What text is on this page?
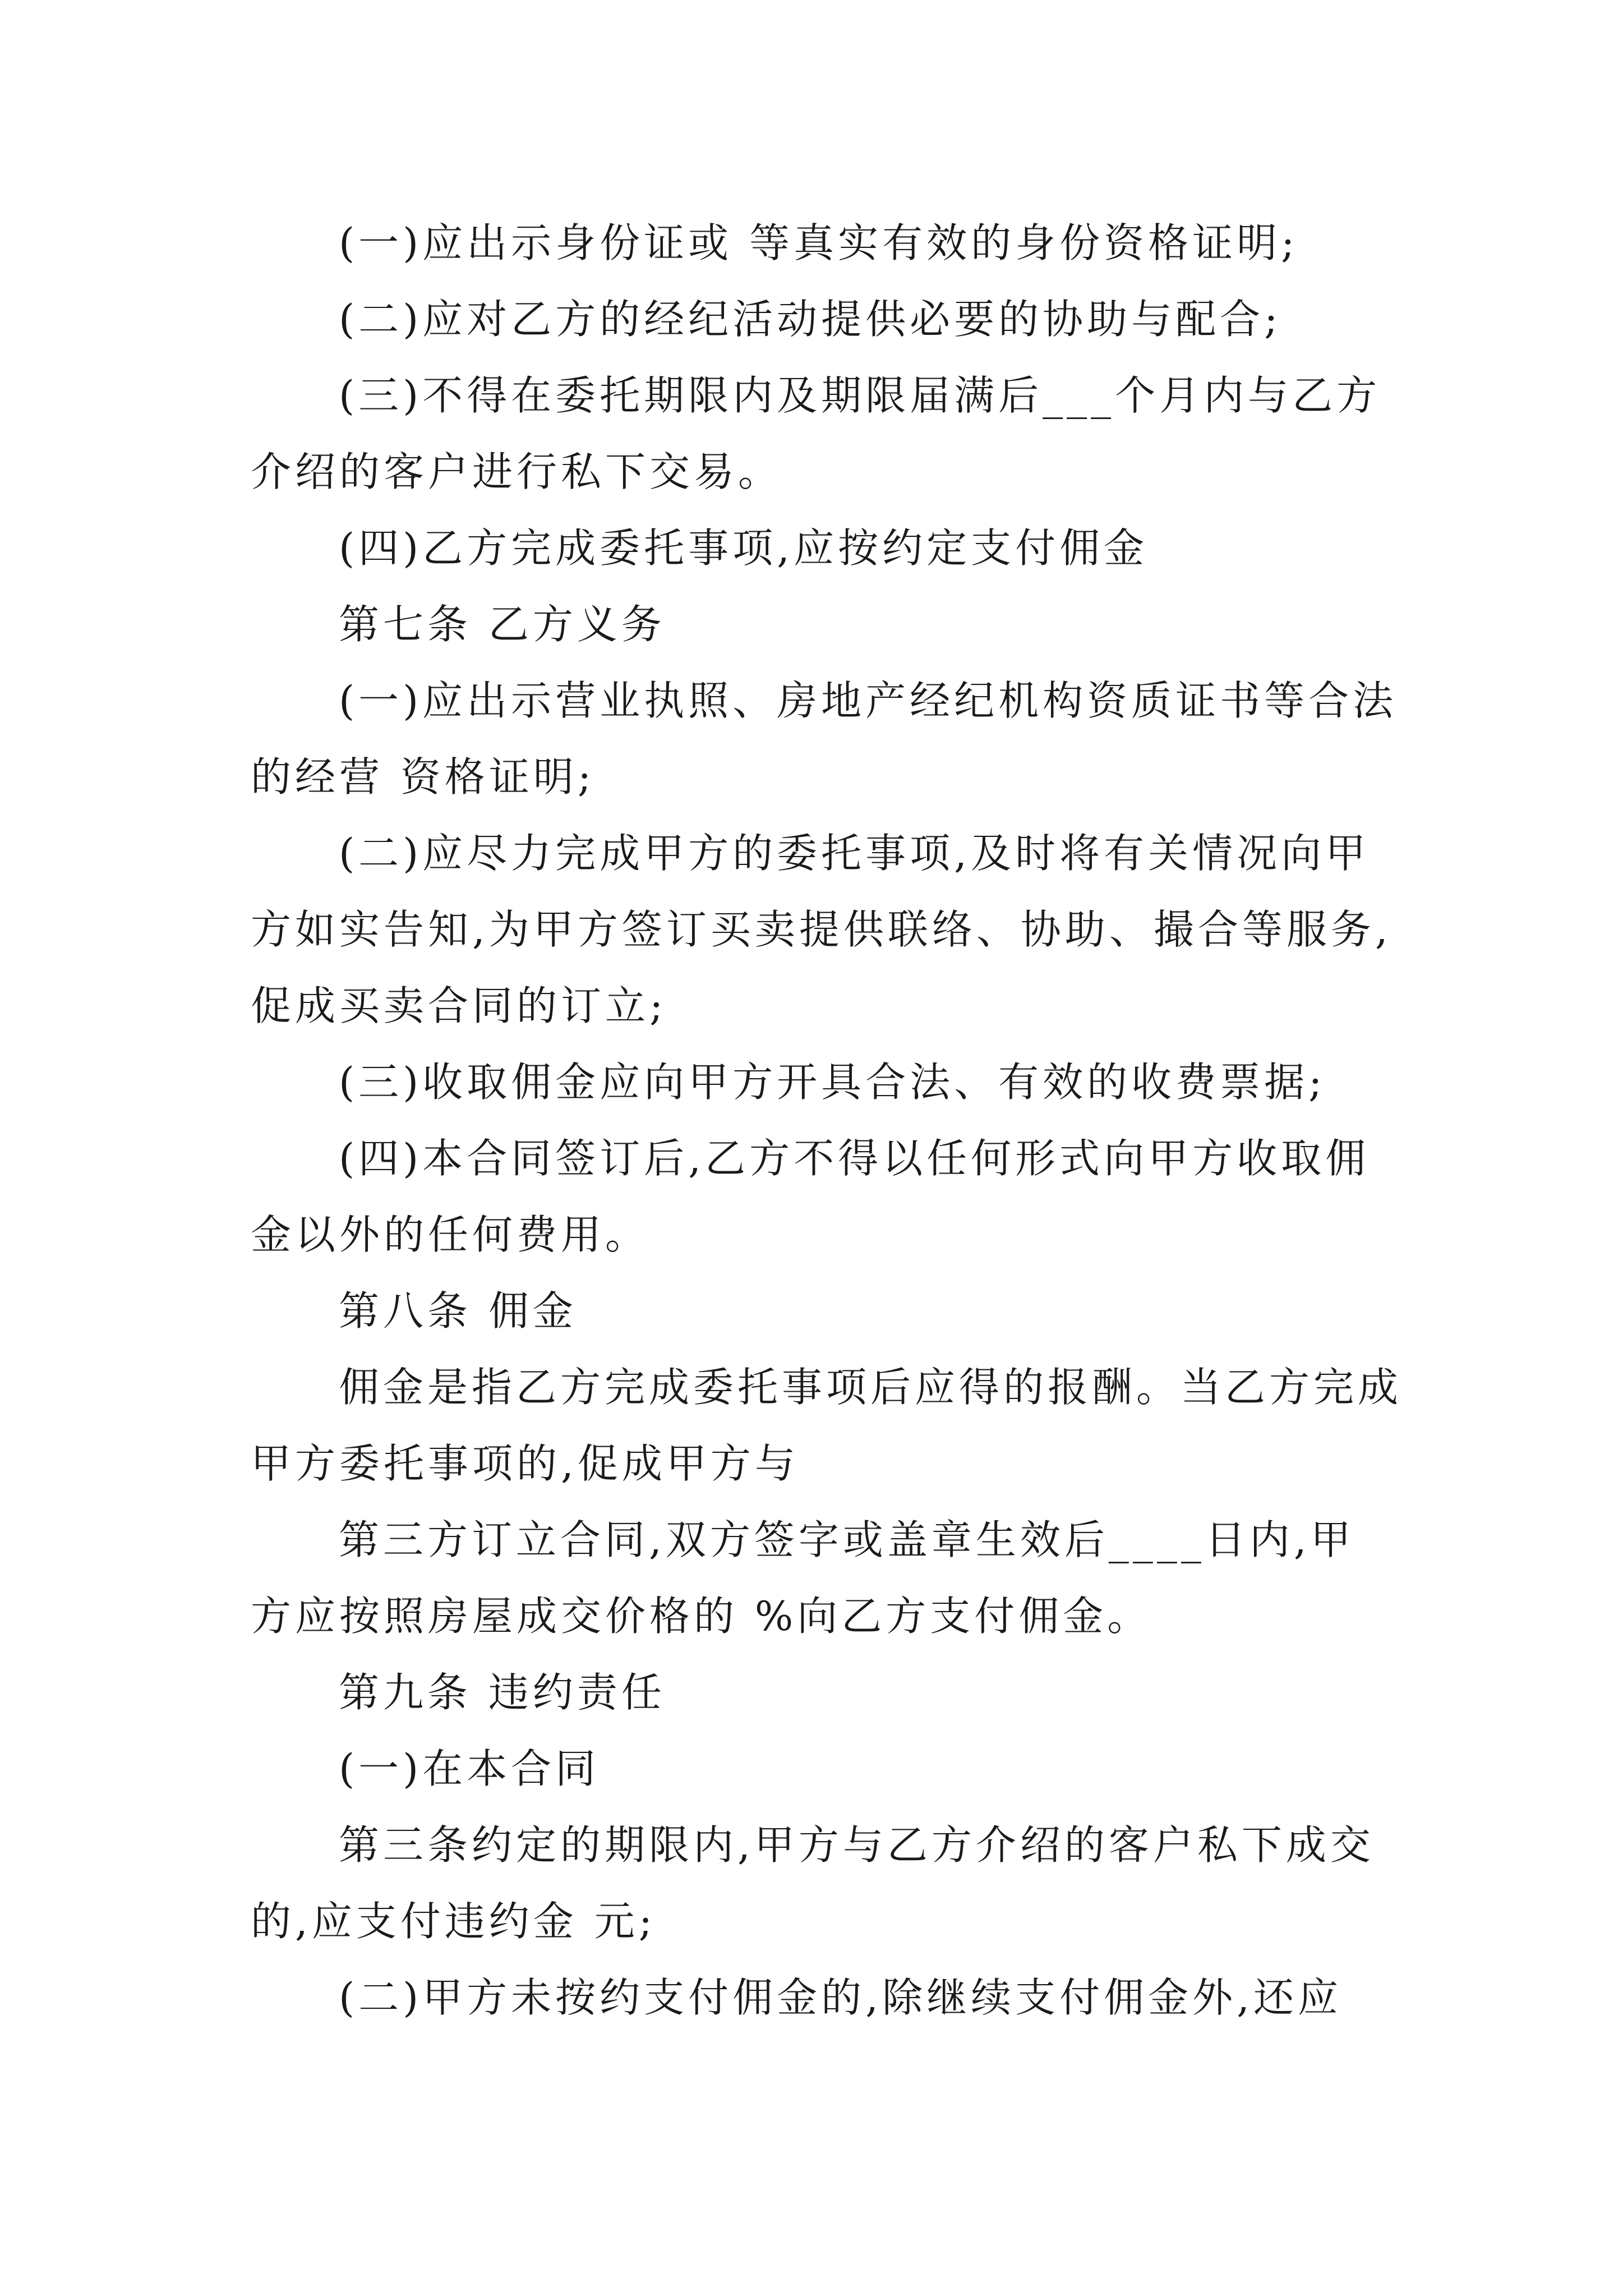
(一)应出示身份证或 等真实有效的身份资格证明;
(二)应对乙方的经纪活动提供必要的协助与配合;
(三)不得在委托期限内及期限届满后___个月内与乙方
介绍的客户进行私下交易。
(四)乙方完成委托事项,应按约定支付佣金
第七条 乙方义务
(一)应出示营业执照、房地产经纪机构资质证书等合法
的经营 资格证明;
(二)应尽力完成甲方的委托事项,及时将有关情况向甲
方如实告知,为甲方签订买卖提供联络、协助、撮合等服务,
促成买卖合同的订立;
(三)收取佣金应向甲方开具合法、有效的收费票据;
(四)本合同签订后,乙方不得以任何形式向甲方收取佣
金以外的任何费用。
第八条 佣金
佣金是指乙方完成委托事项后应得的报酬。当乙方完成
甲方委托事项的,促成甲方与
第三方订立合同,双方签字或盖章生效后____日内,甲
方应按照房屋成交价格的 %向乙方支付佣金。
第九条 违约责任
(一)在本合同
第三条约定的期限内,甲方与乙方介绍的客户私下成交
的,应支付违约金 元;
(二)甲方未按约支付佣金的,除继续支付佣金外,还应
